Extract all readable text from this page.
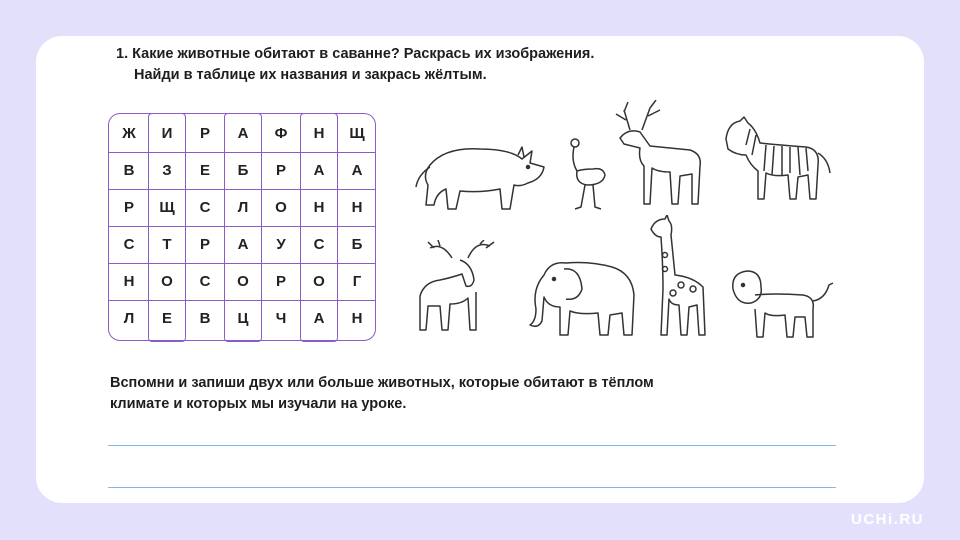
1. Какие животные обитают в саванне? Раскрась их изображения.
Найди в таблице их названия и закрась жёлтым.
Ж	И	Р	А	Ф	Н	Щ
В	З	Е	Б	Р	А	А
Р	Щ	С	Л	О	Н	Н
С	Т	Р	А	У	С	Б
Н	О	С	О	Р	О	Г
Л	Е	В	Ц	Ч	А	Н
Вспомни и запиши двух или больше животных, которые обитают в тёплом
климате и которых мы изучали на уроке.
UCHi.RU
